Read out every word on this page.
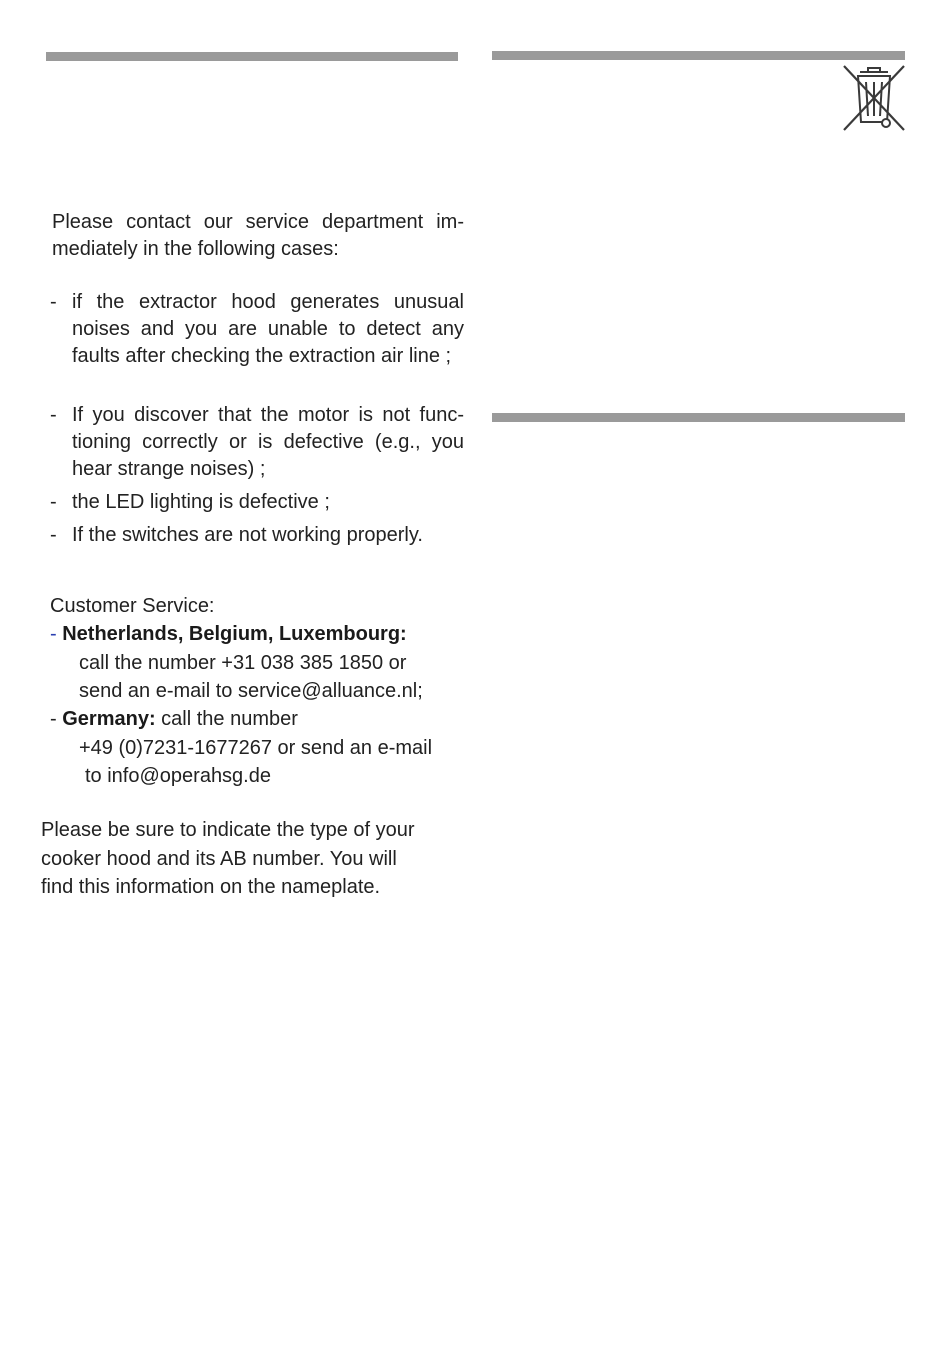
Please contact our service department im-mediately in the following cases:
- if the extractor hood generates unusual noises and you are unable to detect any faults after checking the extraction air line ;
- If you discover that the motor is not func-tioning correctly or is defective (e.g., you hear strange noises) ;
- the LED lighting is defective ;
- If the switches are not working properly.
Customer Service:
- Netherlands, Belgium, Luxembourg:
call the number +31 038 385 1850 or
send an e-mail to service@alluance.nl;
- Germany: call the number
+49 (0)7231-1677267 or send an e-mail
to info@operahsg.de
Please be sure to indicate the type of your
cooker hood and its AB number. You will
find this information on the nameplate.
